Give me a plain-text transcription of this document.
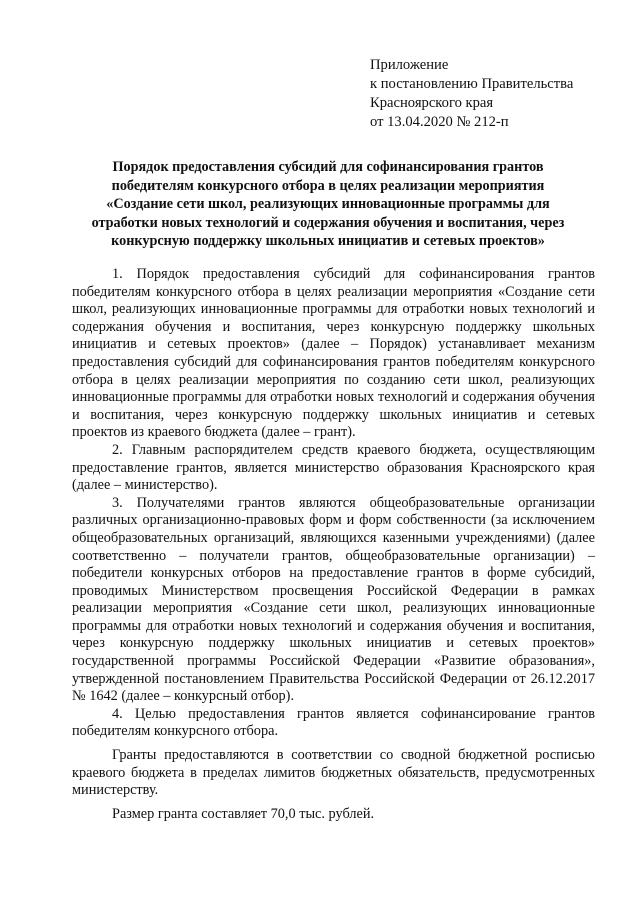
Приложение
к постановлению Правительства
Красноярского края
от 13.04.2020 № 212-п
Порядок предоставления субсидий для софинансирования грантов
победителям конкурсного отбора в целях реализации мероприятия
«Создание сети школ, реализующих инновационные программы для
отработки новых технологий и содержания обучения и воспитания, через
конкурсную поддержку школьных инициатив и сетевых проектов»

1. Порядок предоставления субсидий для софинансирования грантов победителям конкурсного отбора в целях реализации мероприятия «Создание сети школ, реализующих инновационные программы для отработки новых технологий и содержания обучения и воспитания, через конкурсную поддержку школьных инициатив и сетевых проектов» (далее – Порядок) устанавливает механизм предоставления субсидий для софинансирования грантов победителям конкурсного отбора в целях реализации мероприятия по созданию сети школ, реализующих инновационные программы для отработки новых технологий и содержания обучения и воспитания, через конкурсную поддержку школьных инициатив и сетевых проектов из краевого бюджета (далее – грант).

2. Главным распорядителем средств краевого бюджета, осуществляющим предоставление грантов, является министерство образования Красноярского края (далее – министерство).

3. Получателями грантов являются общеобразовательные организации различных организационно-правовых форм и форм собственности (за исключением общеобразовательных организаций, являющихся казенными учреждениями) (далее соответственно – получатели грантов, общеобразовательные организации) – победители конкурсных отборов на предоставление грантов в форме субсидий, проводимых Министерством просвещения Российской Федерации в рамках реализации мероприятия «Создание сети школ, реализующих инновационные программы для отработки новых технологий и содержания обучения и воспитания, через конкурсную поддержку школьных инициатив и сетевых проектов» государственной программы Российской Федерации «Развитие образования», утвержденной постановлением Правительства Российской Федерации от 26.12.2017 № 1642 (далее – конкурсный отбор).

4. Целью предоставления грантов является софинансирование грантов победителям конкурсного отбора.

Гранты предоставляются в соответствии со сводной бюджетной росписью краевого бюджета в пределах лимитов бюджетных обязательств, предусмотренных министерству.

Размер гранта составляет 70,0 тыс. рублей.
